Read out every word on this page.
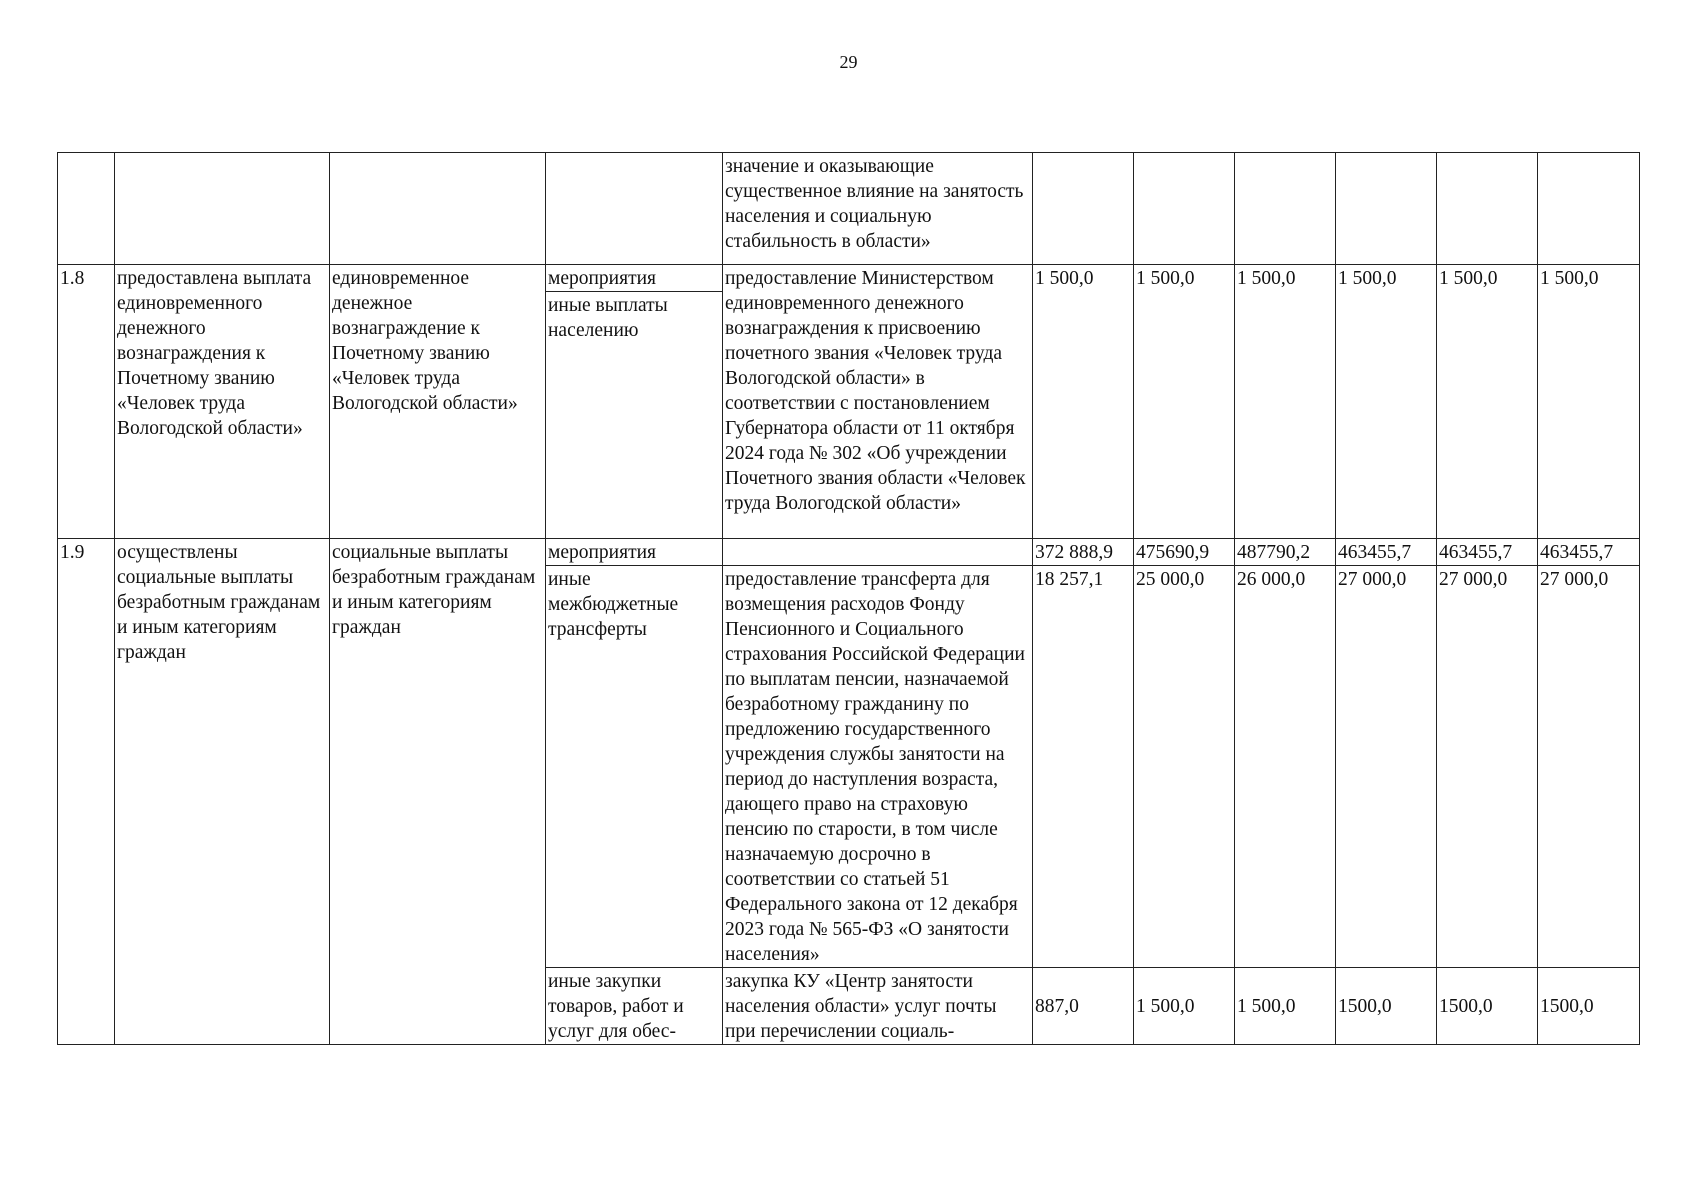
29
				значение и оказывающие существенное влияние на занятость населения и социальную стабильность в области»						
1.8	предоставлена выплата единовременного денежного вознаграждения к Почетному званию «Человек труда Вологодской области»	единовременное денежное вознаграждение к Почетному званию «Человек труда Вологодской области»	мероприятия	предоставление Министерством единовременного денежного вознаграждения к присвоению почетного звания «Человек труда Вологодской области» в соответствии с постановлением Губернатора области от 11 октября 2024 года № 302 «Об учреждении Почетного звания области «Человек труда Вологодской области»	1 500,0	1 500,0	1 500,0	1 500,0	1 500,0	1 500,0
			иные выплаты населению							
1.9	осуществлены социальные выплаты безработным гражданам и иным категориям граждан	социальные выплаты безработным гражданам и иным категориям граждан	мероприятия		372 888,9	475690,9	487790,2	463455,7	463455,7	463455,7
			иные межбюджетные трансферты	предоставление трансферта для возмещения расходов Фонду Пенсионного и Социального страхования Российской Федерации по выплатам пенсии, назначаемой безработному гражданину по предложению государственного учреждения службы занятости на период до наступления возраста, дающего право на страховую пенсию по старости, в том числе назначаемую досрочно в соответствии со статьей 51 Федерального закона от 12 декабря 2023 года № 565-ФЗ «О занятости населения»	18 257,1	25 000,0	26 000,0	27 000,0	27 000,0	27 000,0
			иные закупки товаров, работ и услуг для обес-	закупка КУ «Центр занятости населения области» услуг почты при перечислении социаль-	887,0	1 500,0	1 500,0	1500,0	1500,0	1500,0
